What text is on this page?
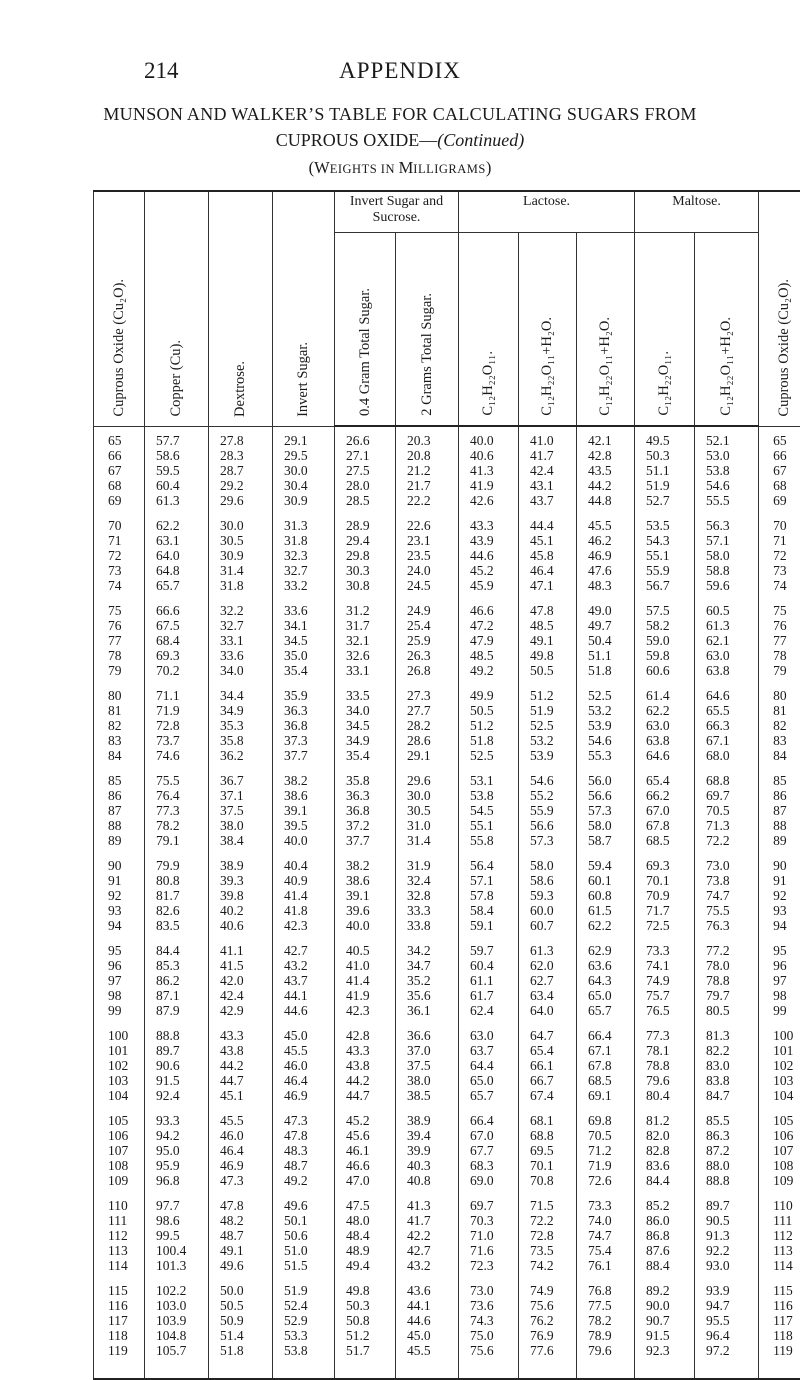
214	APPENDIX
MUNSON AND WALKER’S TABLE FOR CALCULATING SUGARS FROM
CUPROUS OXIDE—(Continued)
(WEIGHTS IN MILLIGRAMS)
Cuprous Oxide (Cu₂O).	Copper (Cu).	Dextrose.	Invert Sugar.	Invert Sugar and Sucrose.		Lactose.			Maltose.		Cuprous Oxide (Cu₂O).
				0.4 Gram Total Sugar.	2 Grams Total Sugar.	C₁₂H₂₂O₁₁.	C₁₂H₂₂O₁₁+H₂O.	C₁₂H₂₂O₁₁+H₂O.	C₁₂H₂₂O₁₁.	C₁₂H₂₂O₁₁+H₂O.	
65	57.7	27.8	29.1	26.6	20.3	40.0	41.0	42.1	49.5	52.1	65
66	58.6	28.3	29.5	27.1	20.8	40.6	41.7	42.8	50.3	53.0	66
67	59.5	28.7	30.0	27.5	21.2	41.3	42.4	43.5	51.1	53.8	67
68	60.4	29.2	30.4	28.0	21.7	41.9	43.1	44.2	51.9	54.6	68
69	61.3	29.6	30.9	28.5	22.2	42.6	43.7	44.8	52.7	55.5	69

70	62.2	30.0	31.3	28.9	22.6	43.3	44.4	45.5	53.5	56.3	70
71	63.1	30.5	31.8	29.4	23.1	43.9	45.1	46.2	54.3	57.1	71
72	64.0	30.9	32.3	29.8	23.5	44.6	45.8	46.9	55.1	58.0	72
73	64.8	31.4	32.7	30.3	24.0	45.2	46.4	47.6	55.9	58.8	73
74	65.7	31.8	33.2	30.8	24.5	45.9	47.1	48.3	56.7	59.6	74

75	66.6	32.2	33.6	31.2	24.9	46.6	47.8	49.0	57.5	60.5	75
76	67.5	32.7	34.1	31.7	25.4	47.2	48.5	49.7	58.2	61.3	76
77	68.4	33.1	34.5	32.1	25.9	47.9	49.1	50.4	59.0	62.1	77
78	69.3	33.6	35.0	32.6	26.3	48.5	49.8	51.1	59.8	63.0	78
79	70.2	34.0	35.4	33.1	26.8	49.2	50.5	51.8	60.6	63.8	79

80	71.1	34.4	35.9	33.5	27.3	49.9	51.2	52.5	61.4	64.6	80
81	71.9	34.9	36.3	34.0	27.7	50.5	51.9	53.2	62.2	65.5	81
82	72.8	35.3	36.8	34.5	28.2	51.2	52.5	53.9	63.0	66.3	82
83	73.7	35.8	37.3	34.9	28.6	51.8	53.2	54.6	63.8	67.1	83
84	74.6	36.2	37.7	35.4	29.1	52.5	53.9	55.3	64.6	68.0	84

85	75.5	36.7	38.2	35.8	29.6	53.1	54.6	56.0	65.4	68.8	85
86	76.4	37.1	38.6	36.3	30.0	53.8	55.2	56.6	66.2	69.7	86
87	77.3	37.5	39.1	36.8	30.5	54.5	55.9	57.3	67.0	70.5	87
88	78.2	38.0	39.5	37.2	31.0	55.1	56.6	58.0	67.8	71.3	88
89	79.1	38.4	40.0	37.7	31.4	55.8	57.3	58.7	68.5	72.2	89

90	79.9	38.9	40.4	38.2	31.9	56.4	58.0	59.4	69.3	73.0	90
91	80.8	39.3	40.9	38.6	32.4	57.1	58.6	60.1	70.1	73.8	91
92	81.7	39.8	41.4	39.1	32.8	57.8	59.3	60.8	70.9	74.7	92
93	82.6	40.2	41.8	39.6	33.3	58.4	60.0	61.5	71.7	75.5	93
94	83.5	40.6	42.3	40.0	33.8	59.1	60.7	62.2	72.5	76.3	94

95	84.4	41.1	42.7	40.5	34.2	59.7	61.3	62.9	73.3	77.2	95
96	85.3	41.5	43.2	41.0	34.7	60.4	62.0	63.6	74.1	78.0	96
97	86.2	42.0	43.7	41.4	35.2	61.1	62.7	64.3	74.9	78.8	97
98	87.1	42.4	44.1	41.9	35.6	61.7	63.4	65.0	75.7	79.7	98
99	87.9	42.9	44.6	42.3	36.1	62.4	64.0	65.7	76.5	80.5	99

100	88.8	43.3	45.0	42.8	36.6	63.0	64.7	66.4	77.3	81.3	100
101	89.7	43.8	45.5	43.3	37.0	63.7	65.4	67.1	78.1	82.2	101
102	90.6	44.2	46.0	43.8	37.5	64.4	66.1	67.8	78.8	83.0	102
103	91.5	44.7	46.4	44.2	38.0	65.0	66.7	68.5	79.6	83.8	103
104	92.4	45.1	46.9	44.7	38.5	65.7	67.4	69.1	80.4	84.7	104

105	93.3	45.5	47.3	45.2	38.9	66.4	68.1	69.8	81.2	85.5	105
106	94.2	46.0	47.8	45.6	39.4	67.0	68.8	70.5	82.0	86.3	106
107	95.0	46.4	48.3	46.1	39.9	67.7	69.5	71.2	82.8	87.2	107
108	95.9	46.9	48.7	46.6	40.3	68.3	70.1	71.9	83.6	88.0	108
109	96.8	47.3	49.2	47.0	40.8	69.0	70.8	72.6	84.4	88.8	109

110	97.7	47.8	49.6	47.5	41.3	69.7	71.5	73.3	85.2	89.7	110
111	98.6	48.2	50.1	48.0	41.7	70.3	72.2	74.0	86.0	90.5	111
112	99.5	48.7	50.6	48.4	42.2	71.0	72.8	74.7	86.8	91.3	112
113	100.4	49.1	51.0	48.9	42.7	71.6	73.5	75.4	87.6	92.2	113
114	101.3	49.6	51.5	49.4	43.2	72.3	74.2	76.1	88.4	93.0	114

115	102.2	50.0	51.9	49.8	43.6	73.0	74.9	76.8	89.2	93.9	115
116	103.0	50.5	52.4	50.3	44.1	73.6	75.6	77.5	90.0	94.7	116
117	103.9	50.9	52.9	50.8	44.6	74.3	76.2	78.2	90.7	95.5	117
118	104.8	51.4	53.3	51.2	45.0	75.0	76.9	78.9	91.5	96.4	118
119	105.7	51.8	53.8	51.7	45.5	75.6	77.6	79.6	92.3	97.2	119
